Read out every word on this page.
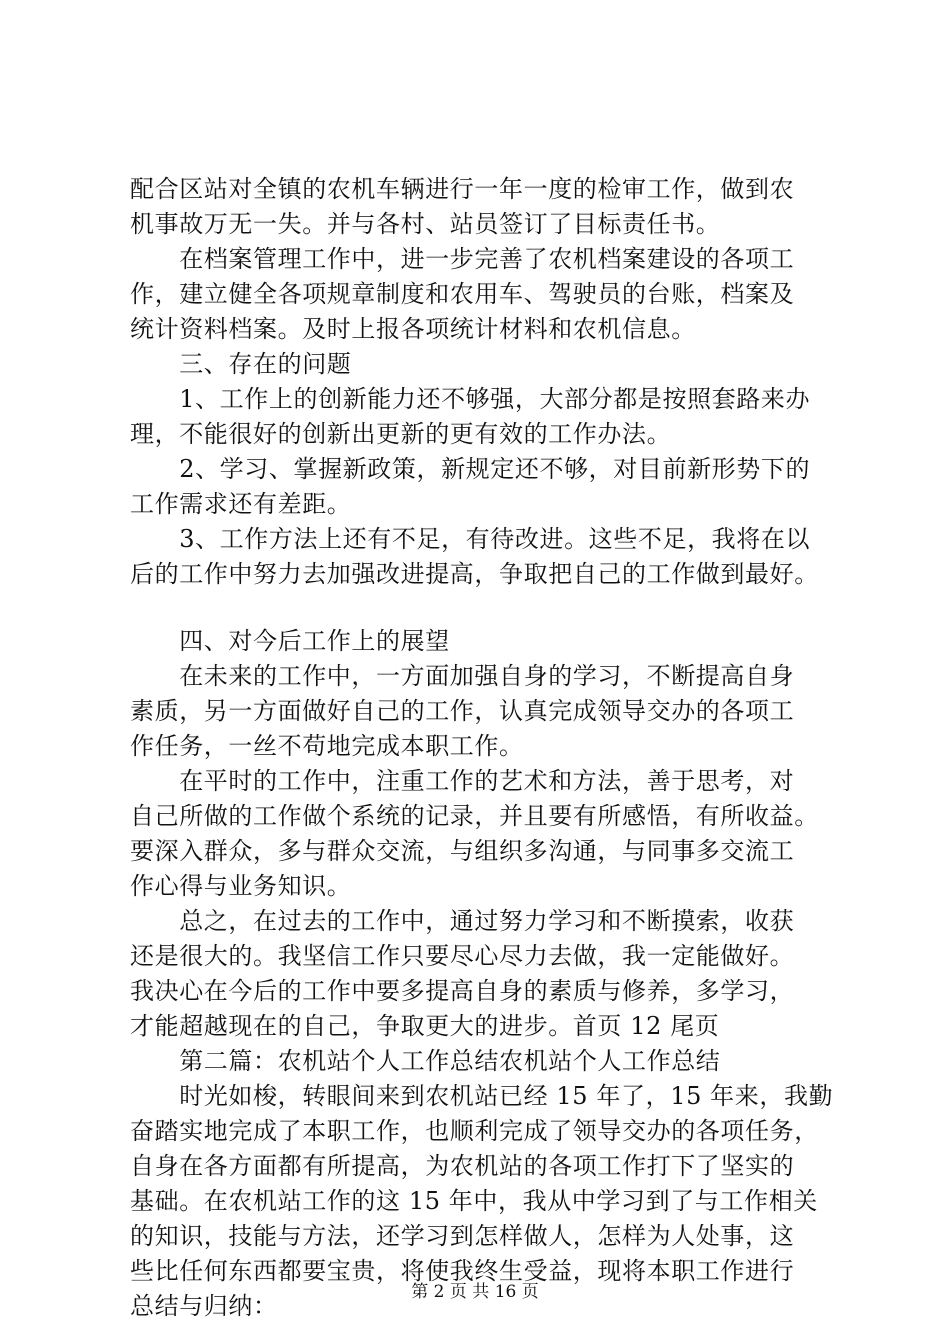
配合区站对全镇的农机车辆进行一年一度的检审工作，做到农
机事故万无一失。并与各村、站员签订了目标责任书。
　　在档案管理工作中，进一步完善了农机档案建设的各项工
作，建立健全各项规章制度和农用车、驾驶员的台账，档案及
统计资料档案。及时上报各项统计材料和农机信息。
　　三、存在的问题
　　1、工作上的创新能力还不够强，大部分都是按照套路来办
理，不能很好的创新出更新的更有效的工作办法。
　　2、学习、掌握新政策，新规定还不够，对目前新形势下的
工作需求还有差距。
　　3、工作方法上还有不足，有待改进。这些不足，我将在以
后的工作中努力去加强改进提高，争取把自己的工作做到最好。
　　四、对今后工作上的展望
　　在未来的工作中，一方面加强自身的学习，不断提高自身
素质，另一方面做好自己的工作，认真完成领导交办的各项工
作任务，一丝不苟地完成本职工作。
　　在平时的工作中，注重工作的艺术和方法，善于思考，对
自己所做的工作做个系统的记录，并且要有所感悟，有所收益。
要深入群众，多与群众交流，与组织多沟通，与同事多交流工
作心得与业务知识。
　　总之，在过去的工作中，通过努力学习和不断摸索，收获
还是很大的。我坚信工作只要尽心尽力去做，我一定能做好。
我决心在今后的工作中要多提高自身的素质与修养，多学习，
才能超越现在的自己，争取更大的进步。首页 12 尾页
　　第二篇：农机站个人工作总结农机站个人工作总结
　　时光如梭，转眼间来到农机站已经 15 年了，15 年来，我勤
奋踏实地完成了本职工作，也顺利完成了领导交办的各项任务，
自身在各方面都有所提高，为农机站的各项工作打下了坚实的
基础。在农机站工作的这 15 年中，我从中学习到了与工作相关
的知识，技能与方法，还学习到怎样做人，怎样为人处事，这
些比任何东西都要宝贵，将使我终生受益，现将本职工作进行
总结与归纳：	第 2 页 共 16 页
